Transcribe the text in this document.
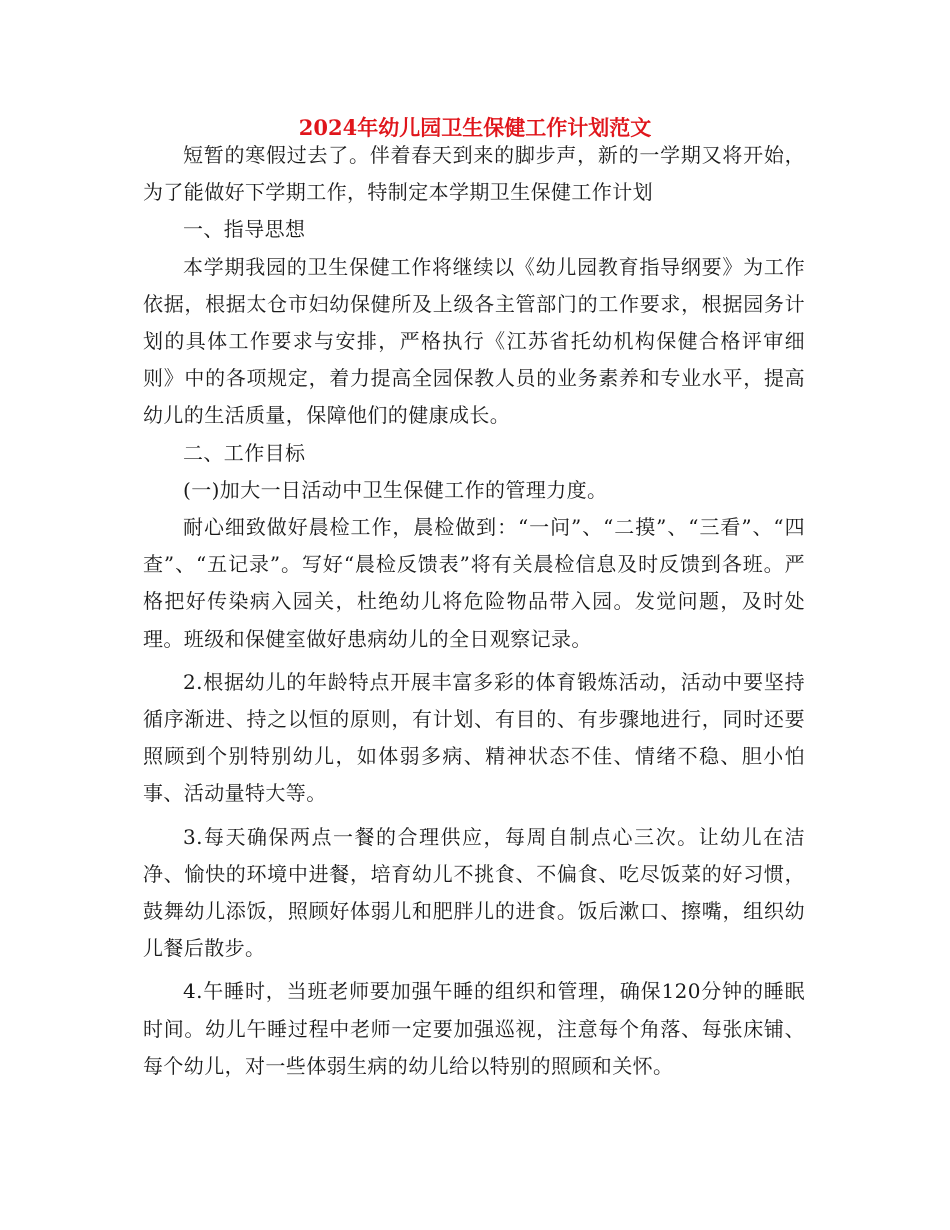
2024年幼儿园卫生保健工作计划范文

短暂的寒假过去了。伴着春天到来的脚步声，新的一学期又将开始，为了能做好下学期工作，特制定本学期卫生保健工作计划

一、指导思想

本学期我园的卫生保健工作将继续以《幼儿园教育指导纲要》为工作依据，根据太仓市妇幼保健所及上级各主管部门的工作要求，根据园务计划的具体工作要求与安排，严格执行《江苏省托幼机构保健合格评审细则》中的各项规定，着力提高全园保教人员的业务素养和专业水平，提高幼儿的生活质量，保障他们的健康成长。

二、工作目标

(一)加大一日活动中卫生保健工作的管理力度。

耐心细致做好晨检工作，晨检做到：“一问”、“二摸”、“三看”、“四查”、“五记录”。写好“晨检反馈表”将有关晨检信息及时反馈到各班。严格把好传染病入园关，杜绝幼儿将危险物品带入园。发觉问题，及时处理。班级和保健室做好患病幼儿的全日观察记录。

2.根据幼儿的年龄特点开展丰富多彩的体育锻炼活动，活动中要坚持循序渐进、持之以恒的原则，有计划、有目的、有步骤地进行，同时还要照顾到个别特别幼儿，如体弱多病、精神状态不佳、情绪不稳、胆小怕事、活动量特大等。

3.每天确保两点一餐的合理供应，每周自制点心三次。让幼儿在洁净、愉快的环境中进餐，培育幼儿不挑食、不偏食、吃尽饭菜的好习惯，鼓舞幼儿添饭，照顾好体弱儿和肥胖儿的进食。饭后漱口、擦嘴，组织幼儿餐后散步。

4.午睡时，当班老师要加强午睡的组织和管理，确保120分钟的睡眠时间。幼儿午睡过程中老师一定要加强巡视，注意每个角落、每张床铺、每个幼儿，对一些体弱生病的幼儿给以特别的照顾和关怀。
